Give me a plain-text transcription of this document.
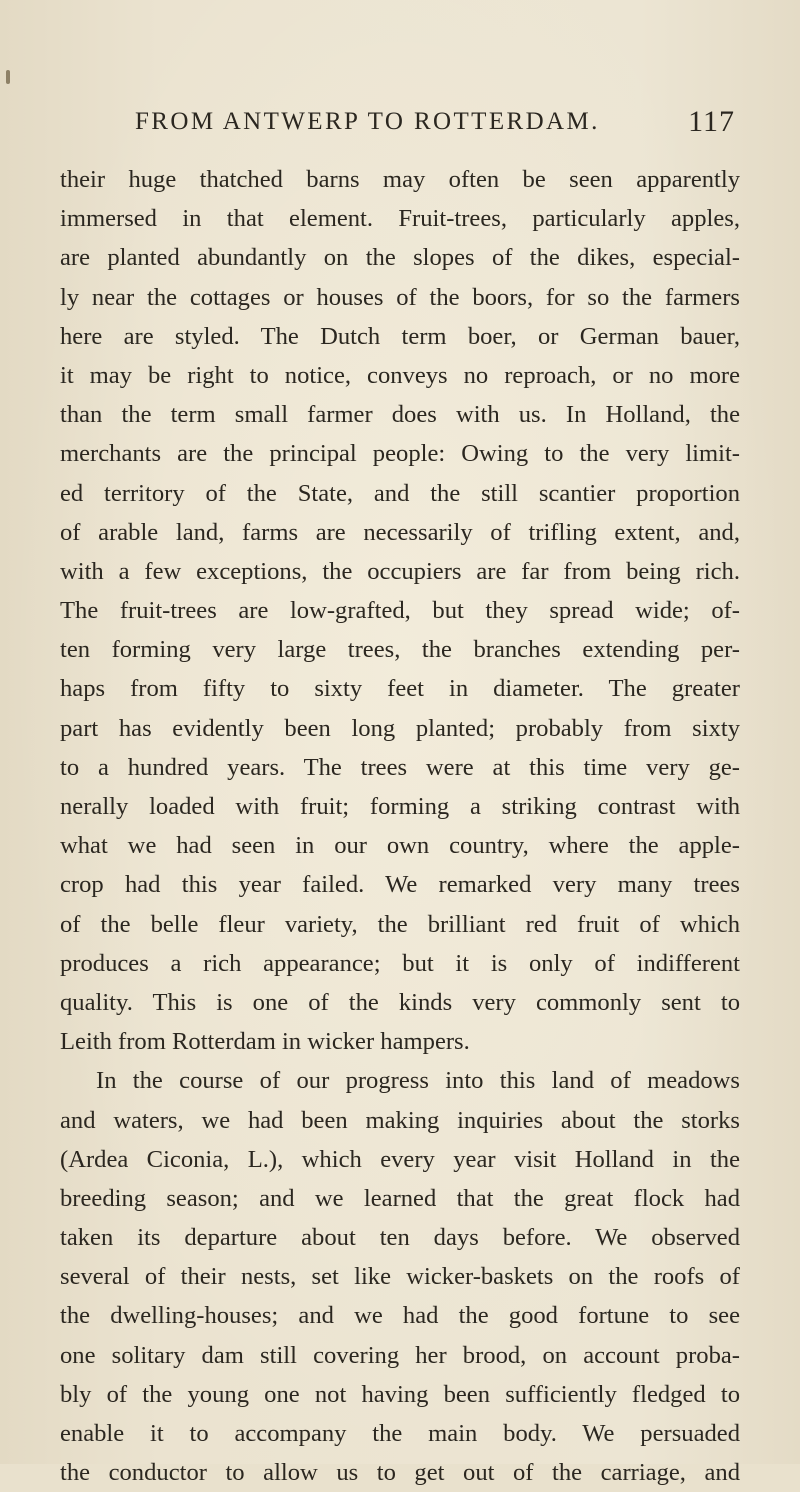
FROM ANTWERP TO ROTTERDAM.	117
their huge thatched barns may often be seen apparently
immersed in that element. Fruit-trees, particularly apples,
are planted abundantly on the slopes of the dikes, especial-
ly near the cottages or houses of the boors, for so the farmers
here are styled. The Dutch term boer, or German bauer,
it may be right to notice, conveys no reproach, or no more
than the term small farmer does with us. In Holland, the
merchants are the principal people: Owing to the very limit-
ed territory of the State, and the still scantier proportion
of arable land, farms are necessarily of trifling extent, and,
with a few exceptions, the occupiers are far from being rich.
The fruit-trees are low-grafted, but they spread wide; of-
ten forming very large trees, the branches extending per-
haps from fifty to sixty feet in diameter. The greater
part has evidently been long planted; probably from sixty
to a hundred years. The trees were at this time very ge-
nerally loaded with fruit; forming a striking contrast with
what we had seen in our own country, where the apple-
crop had this year failed. We remarked very many trees
of the belle fleur variety, the brilliant red fruit of which
produces a rich appearance; but it is only of indifferent
quality. This is one of the kinds very commonly sent to
Leith from Rotterdam in wicker hampers.
In the course of our progress into this land of meadows
and waters, we had been making inquiries about the storks
(Ardea Ciconia, L.), which every year visit Holland in the
breeding season; and we learned that the great flock had
taken its departure about ten days before. We observed
several of their nests, set like wicker-baskets on the roofs of
the dwelling-houses; and we had the good fortune to see
one solitary dam still covering her brood, on account proba-
bly of the young one not having been sufficiently fledged to
enable it to accompany the main body. We persuaded
the conductor to allow us to get out of the carriage, and
